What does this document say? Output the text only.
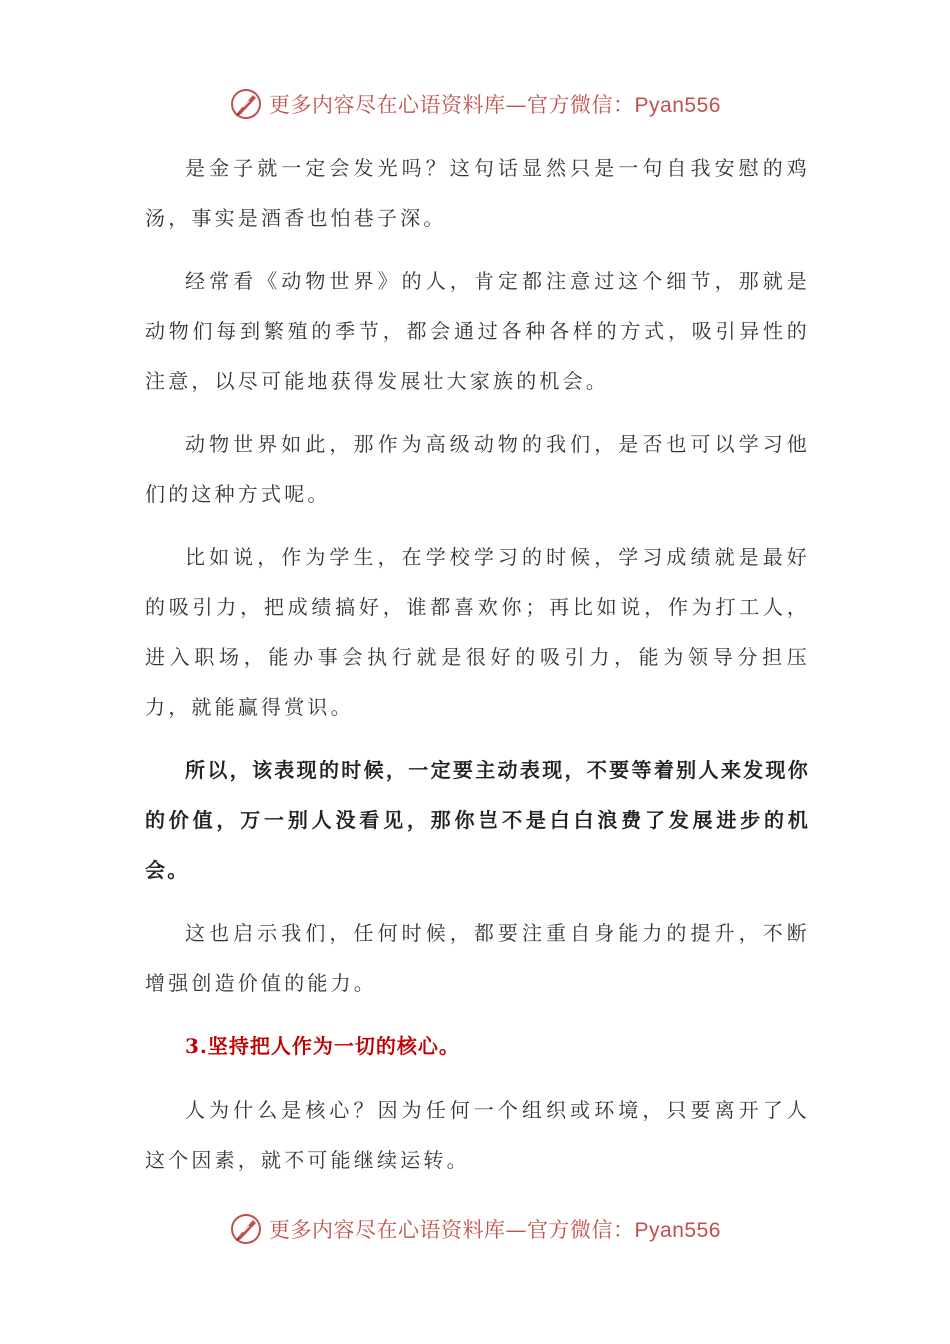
更多内容尽在心语资料库—官方微信：Pyan556

是金子就一定会发光吗？这句话显然只是一句自我安慰的鸡汤，事实是酒香也怕巷子深。

经常看《动物世界》的人，肯定都注意过这个细节，那就是动物们每到繁殖的季节，都会通过各种各样的方式，吸引异性的注意，以尽可能地获得发展壮大家族的机会。

动物世界如此，那作为高级动物的我们，是否也可以学习他们的这种方式呢。

比如说，作为学生，在学校学习的时候，学习成绩就是最好的吸引力，把成绩搞好，谁都喜欢你；再比如说，作为打工人，进入职场，能办事会执行就是很好的吸引力，能为领导分担压力，就能赢得赏识。

所以，该表现的时候，一定要主动表现，不要等着别人来发现你的价值，万一别人没看见，那你岂不是白白浪费了发展进步的机会。

这也启示我们，任何时候，都要注重自身能力的提升，不断增强创造价值的能力。

3.坚持把人作为一切的核心。

人为什么是核心？因为任何一个组织或环境，只要离开了人这个因素，就不可能继续运转。

更多内容尽在心语资料库—官方微信：Pyan556
